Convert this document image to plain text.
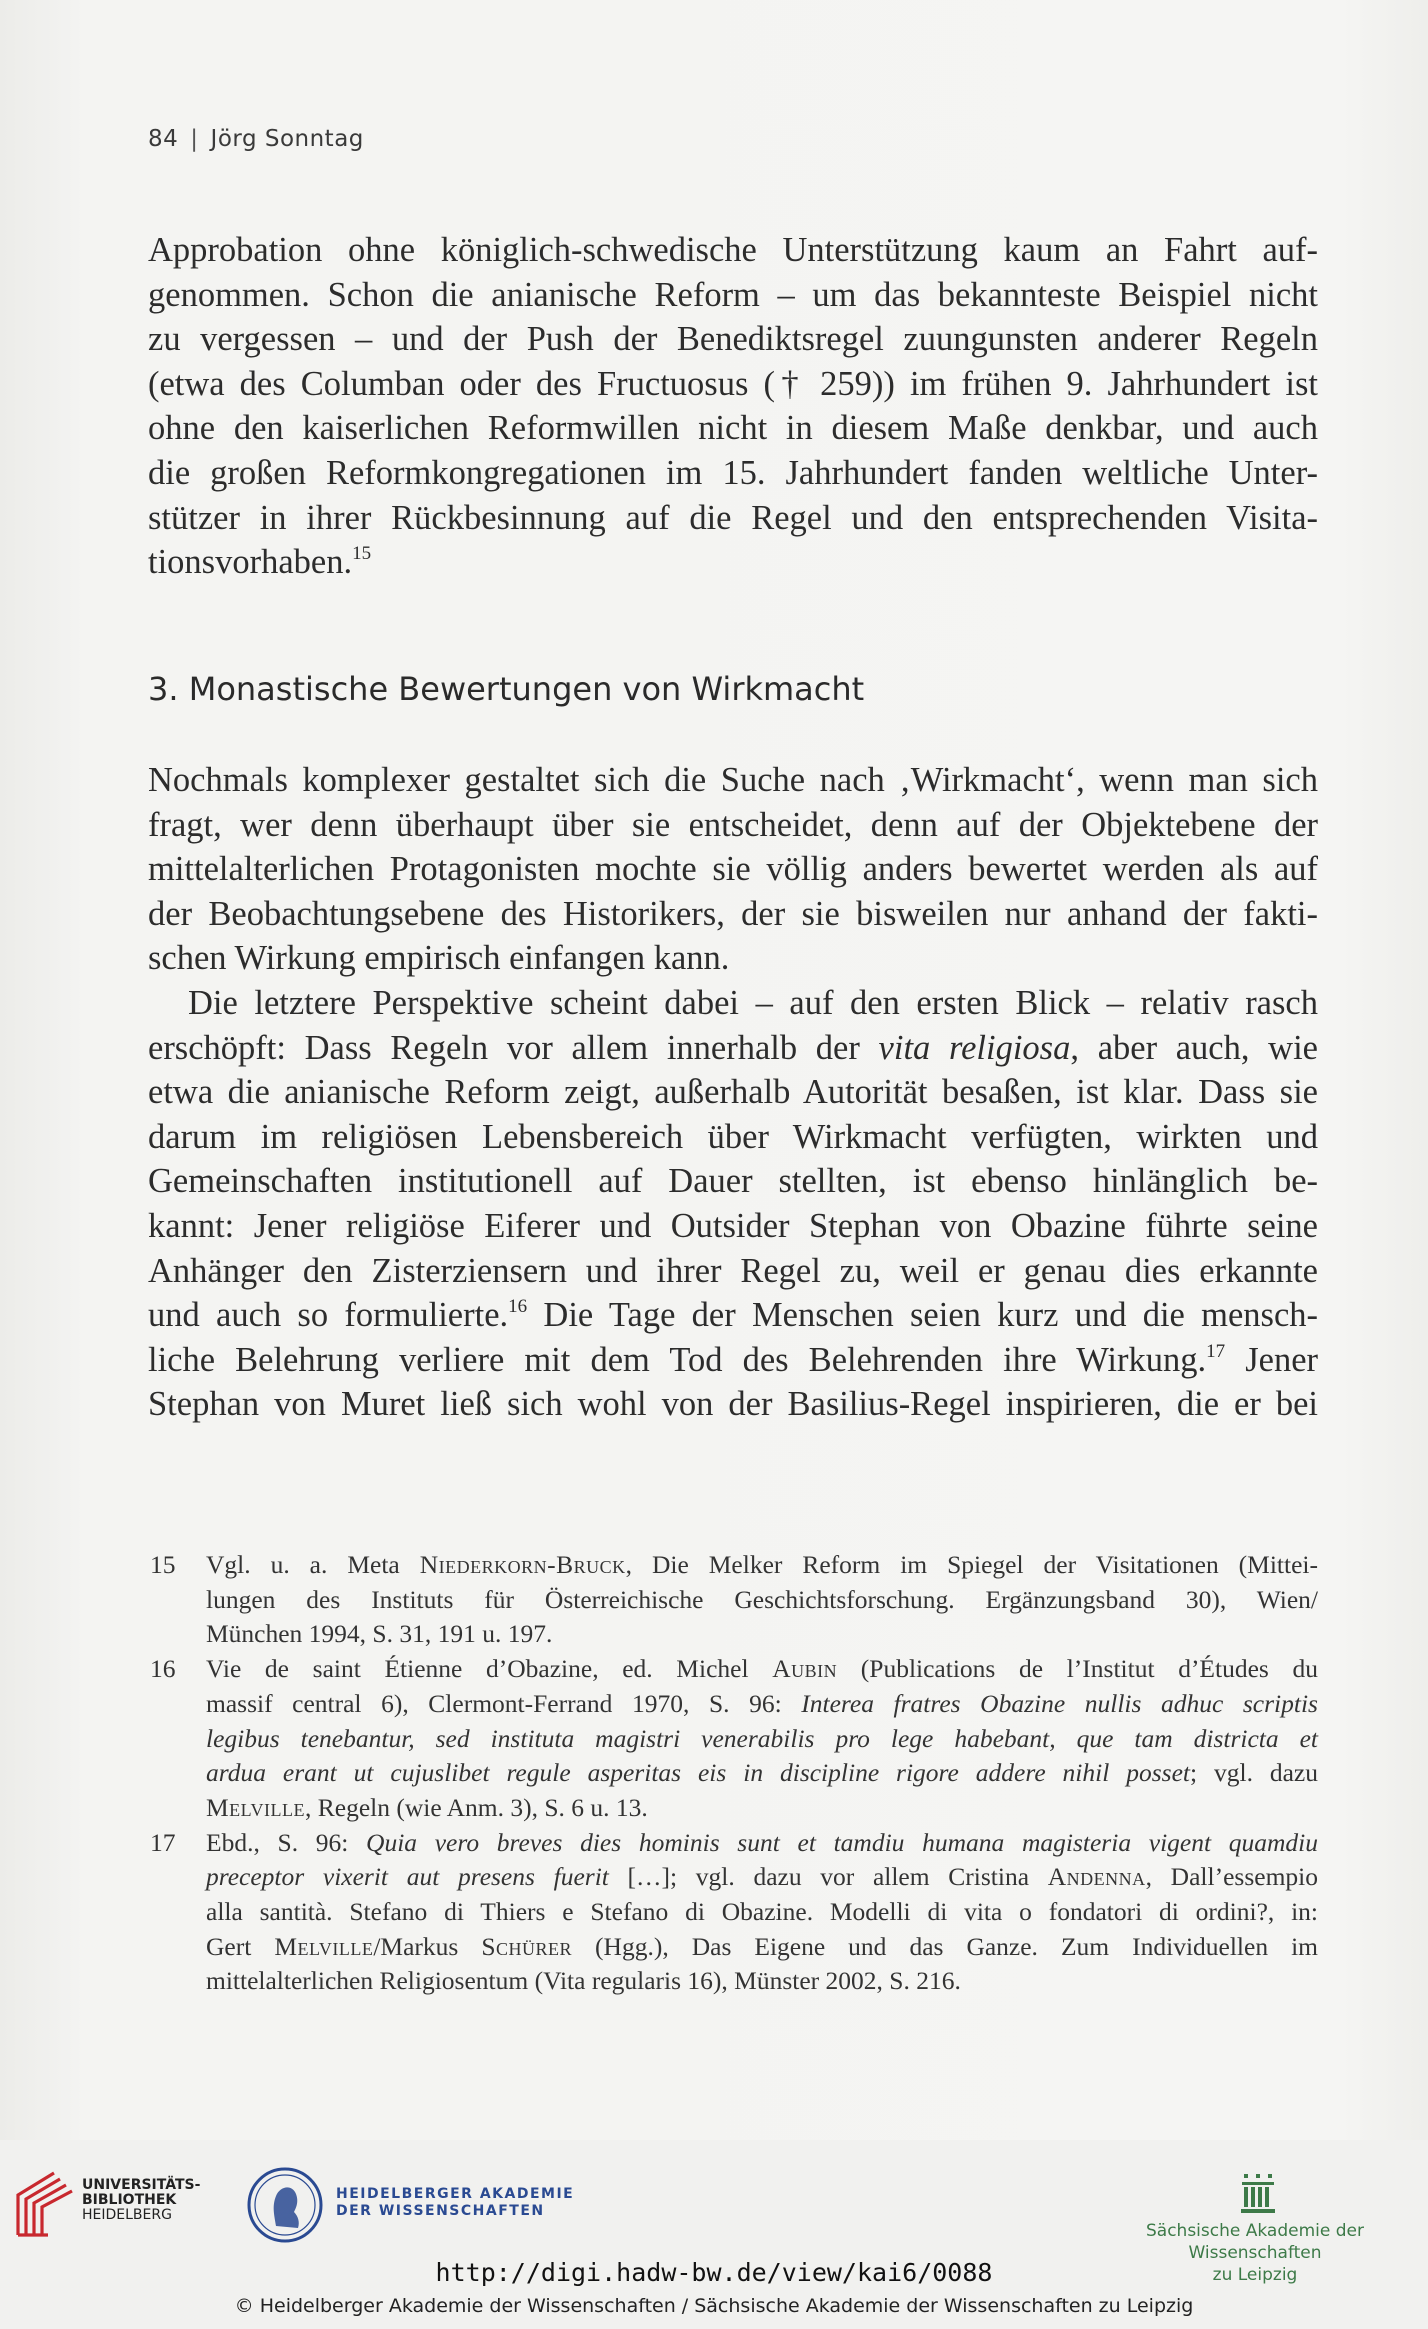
84 | Jörg Sonntag
Approbation ohne königlich-schwedische Unterstützung kaum an Fahrt auf-
genommen. Schon die anianische Reform – um das bekannteste Beispiel nicht
zu vergessen – und der Push der Benediktsregel zuungunsten anderer Regeln
(etwa des Columban oder des Fructuosus († 259)) im frühen 9. Jahrhundert ist
ohne den kaiserlichen Reformwillen nicht in diesem Maße denkbar, und auch
die großen Reformkongregationen im 15. Jahrhundert fanden weltliche Unter-
stützer in ihrer Rückbesinnung auf die Regel und den entsprechenden Visita-
tionsvorhaben.$^{15}$
3. Monastische Bewertungen von Wirkmacht
Nochmals komplexer gestaltet sich die Suche nach ‚Wirkmacht‘, wenn man sich
fragt, wer denn überhaupt über sie entscheidet, denn auf der Objektebene der
mittelalterlichen Protagonisten mochte sie völlig anders bewertet werden als auf
der Beobachtungsebene des Historikers, der sie bisweilen nur anhand der fakti-
schen Wirkung empirisch einfangen kann.
Die letztere Perspektive scheint dabei – auf den ersten Blick – relativ rasch
erschöpft: Dass Regeln vor allem innerhalb der vita religiosa, aber auch, wie
etwa die anianische Reform zeigt, außerhalb Autorität besaßen, ist klar. Dass sie
darum im religiösen Lebensbereich über Wirkmacht verfügten, wirkten und
Gemeinschaften institutionell auf Dauer stellten, ist ebenso hinlänglich be-
kannt: Jener religiöse Eiferer und Outsider Stephan von Obazine führte seine
Anhänger den Zisterziensern und ihrer Regel zu, weil er genau dies erkannte
und auch so formulierte.$^{16}$ Die Tage der Menschen seien kurz und die mensch-
liche Belehrung verliere mit dem Tod des Belehrenden ihre Wirkung.$^{17}$ Jener
Stephan von Muret ließ sich wohl von der Basilius-Regel inspirieren, die er bei
15 Vgl. u. a. Meta Niederkorn-Bruck, Die Melker Reform im Spiegel der Visitationen (Mittei-
lungen des Instituts für Österreichische Geschichtsforschung. Ergänzungsband 30), Wien/
München 1994, S. 31, 191 u. 197.
16 Vie de saint Étienne d’Obazine, ed. Michel Aubin (Publications de l’Institut d’Études du
massif central 6), Clermont-Ferrand 1970, S. 96: Interea fratres Obazine nullis adhuc scriptis
legibus tenebantur, sed instituta magistri venerabilis pro lege habebant, que tam districta et
ardua erant ut cujuslibet regule asperitas eis in discipline rigore addere nihil posset; vgl. dazu
Melville, Regeln (wie Anm. 3), S. 6 u. 13.
17 Ebd., S. 96: Quia vero breves dies hominis sunt et tamdiu humana magisteria vigent quamdiu
preceptor vixerit aut presens fuerit […]; vgl. dazu vor allem Cristina Andenna, Dall’essempio
alla santità. Stefano di Thiers e Stefano di Obazine. Modelli di vita o fondatori di ordini?, in:
Gert Melville/Markus Schürer (Hgg.), Das Eigene und das Ganze. Zum Individuellen im
mittelalterlichen Religiosentum (Vita regularis 16), Münster 2002, S. 216.
UNIVERSITÄTS-
BIBLIOTHEK
HEIDELBERG
HEIDELBERGER AKADEMIE
DER WISSENSCHAFTEN
Sächsische Akademie der Wissenschaften
zu Leipzig
http://digi.hadw-bw.de/view/kai6/0088
© Heidelberger Akademie der Wissenschaften / Sächsische Akademie der Wissenschaften zu Leipzig
